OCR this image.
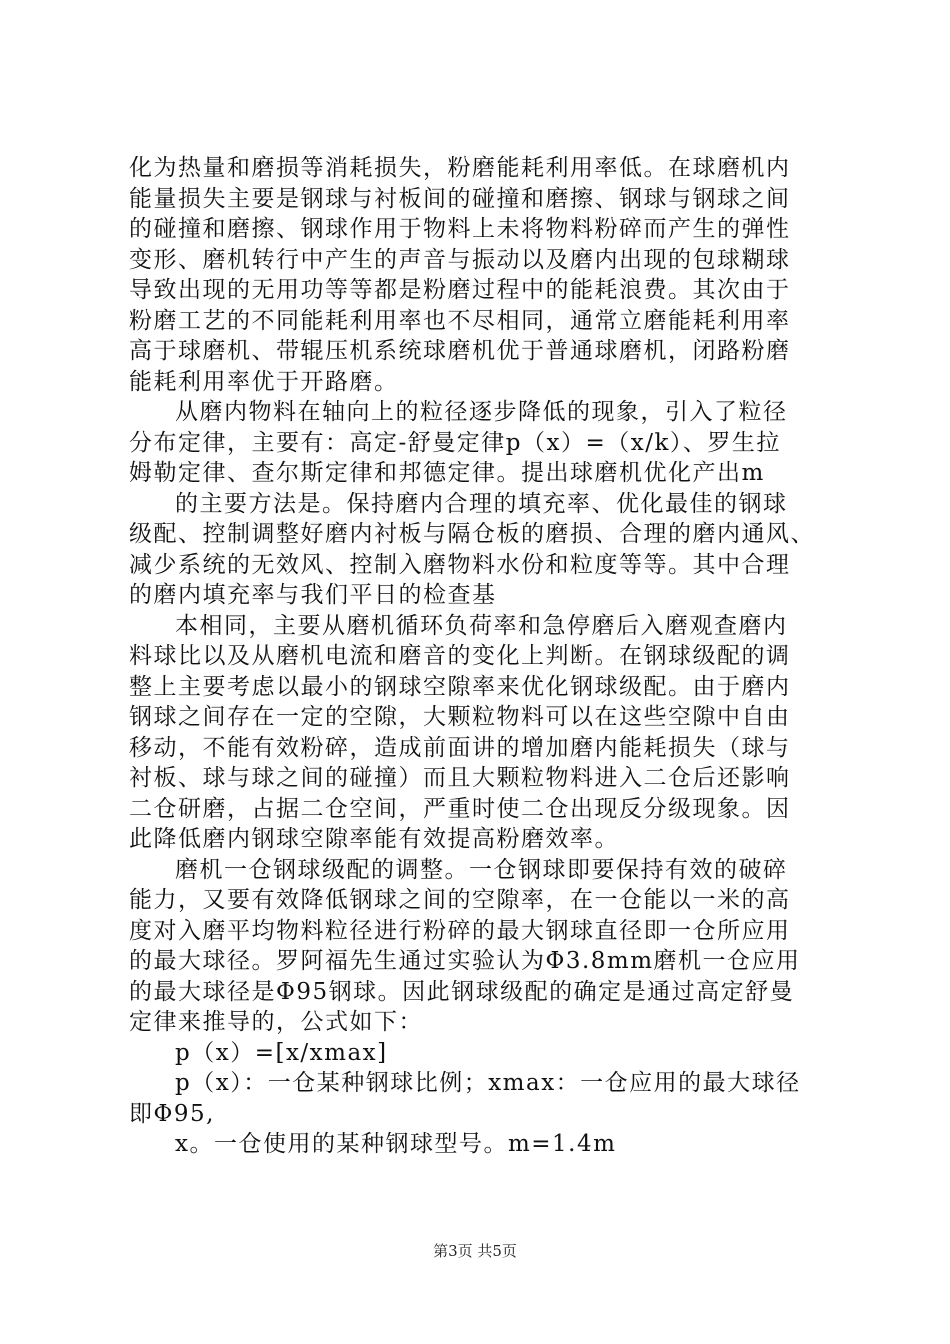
化为热量和磨损等消耗损失，粉磨能耗利用率低。在球磨机内
能量损失主要是钢球与衬板间的碰撞和磨擦、钢球与钢球之间
的碰撞和磨擦、钢球作用于物料上未将物料粉碎而产生的弹性
变形、磨机转行中产生的声音与振动以及磨内出现的包球糊球
导致出现的无用功等等都是粉磨过程中的能耗浪费。其次由于
粉磨工艺的不同能耗利用率也不尽相同，通常立磨能耗利用率
高于球磨机、带辊压机系统球磨机优于普通球磨机，闭路粉磨
能耗利用率优于开路磨。
从磨内物料在轴向上的粒径逐步降低的现象，引入了粒径
分布定律，主要有：高定-舒曼定律p（x）=（x/k）、罗生拉
姆勒定律、查尔斯定律和邦德定律。提出球磨机优化产出m
的主要方法是。保持磨内合理的填充率、优化最佳的钢球
级配、控制调整好磨内衬板与隔仓板的磨损、合理的磨内通风、
减少系统的无效风、控制入磨物料水份和粒度等等。其中合理
的磨内填充率与我们平日的检查基
本相同，主要从磨机循环负荷率和急停磨后入磨观查磨内
料球比以及从磨机电流和磨音的变化上判断。在钢球级配的调
整上主要考虑以最小的钢球空隙率来优化钢球级配。由于磨内
钢球之间存在一定的空隙，大颗粒物料可以在这些空隙中自由
移动，不能有效粉碎，造成前面讲的增加磨内能耗损失（球与
衬板、球与球之间的碰撞）而且大颗粒物料进入二仓后还影响
二仓研磨，占据二仓空间，严重时使二仓出现反分级现象。因
此降低磨内钢球空隙率能有效提高粉磨效率。
磨机一仓钢球级配的调整。一仓钢球即要保持有效的破碎
能力，又要有效降低钢球之间的空隙率，在一仓能以一米的高
度对入磨平均物料粒径进行粉碎的最大钢球直径即一仓所应用
的最大球径。罗阿福先生通过实验认为Φ3.8mm磨机一仓应用
的最大球径是Φ95钢球。因此钢球级配的确定是通过高定舒曼
定律来推导的，公式如下：
p（x）=[x/xmax]
p（x）：一仓某种钢球比例；xmax：一仓应用的最大球径
即Φ95,
x。一仓使用的某种钢球型号。m=1.4m
第3页 共5页
